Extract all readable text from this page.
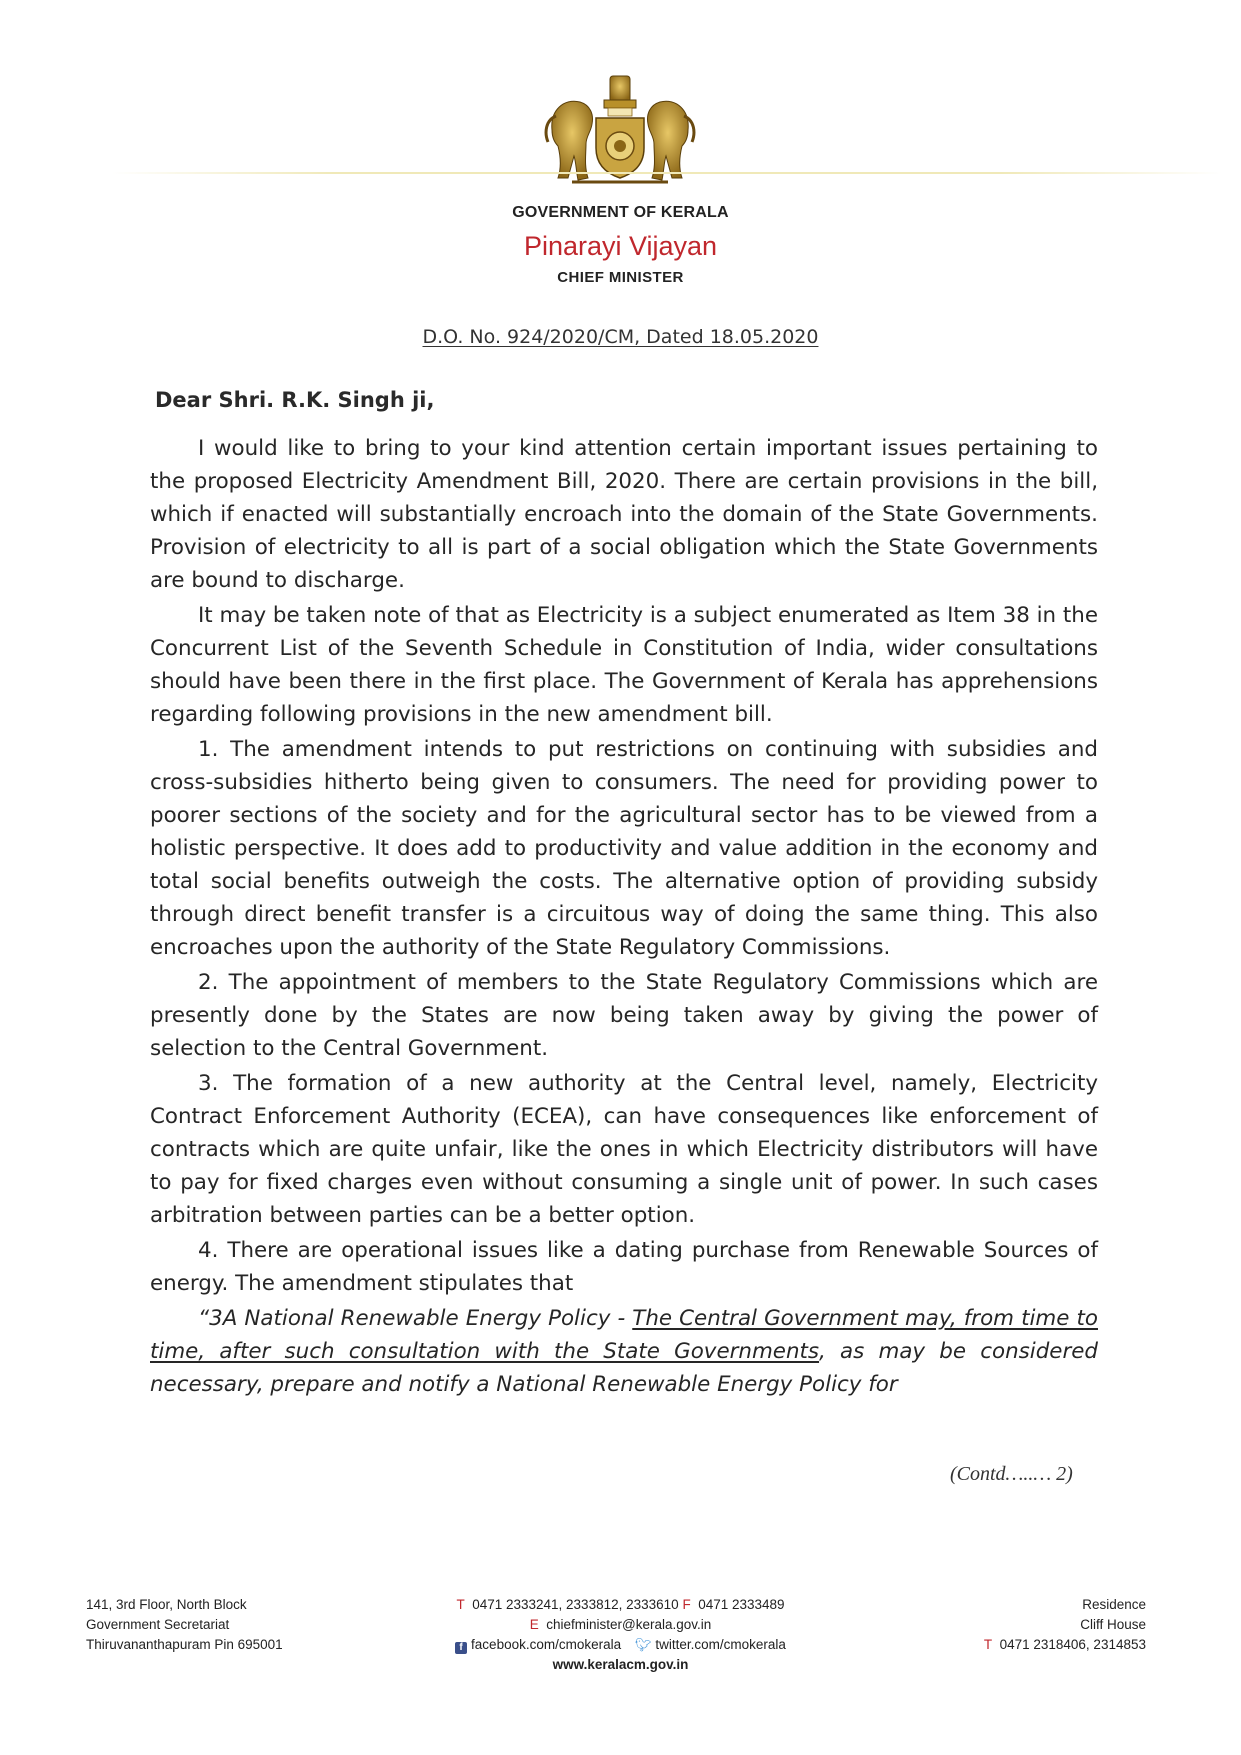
GOVERNMENT OF KERALA
Pinarayi Vijayan
CHIEF MINISTER
D.O. No. 924/2020/CM, Dated 18.05.2020
Dear Shri. R.K. Singh ji,

I would like to bring to your kind attention certain important issues pertaining to the proposed Electricity Amendment Bill, 2020. There are certain provisions in the bill, which if enacted will substantially encroach into the domain of the State Governments. Provision of electricity to all is part of a social obligation which the State Governments are bound to discharge.

It may be taken note of that as Electricity is a subject enumerated as Item 38 in the Concurrent List of the Seventh Schedule in Constitution of India, wider consultations should have been there in the first place. The Government of Kerala has apprehensions regarding following provisions in the new amendment bill.

1. The amendment intends to put restrictions on continuing with subsidies and cross-subsidies hitherto being given to consumers. The need for providing power to poorer sections of the society and for the agricultural sector has to be viewed from a holistic perspective. It does add to productivity and value addition in the economy and total social benefits outweigh the costs. The alternative option of providing subsidy through direct benefit transfer is a circuitous way of doing the same thing. This also encroaches upon the authority of the State Regulatory Commissions.

2. The appointment of members to the State Regulatory Commissions which are presently done by the States are now being taken away by giving the power of selection to the Central Government.

3. The formation of a new authority at the Central level, namely, Electricity Contract Enforcement Authority (ECEA), can have consequences like enforcement of contracts which are quite unfair, like the ones in which Electricity distributors will have to pay for fixed charges even without consuming a single unit of power. In such cases arbitration between parties can be a better option.

4. There are operational issues like a dating purchase from Renewable Sources of energy. The amendment stipulates that

“3A National Renewable Energy Policy - The Central Government may, from time to time, after such consultation with the State Governments, as may be considered necessary, prepare and notify a National Renewable Energy Policy for

(Contd…..… 2)
141, 3rd Floor, North Block
Government Secretariat
Thiruvananthapuram Pin 695001
T 0471 2333241, 2333812, 2333610 F 0471 2333489
E chiefminister@kerala.gov.in
f facebook.com/cmokerala 🐦︎ twitter.com/cmokerala
www.keralacm.gov.in
Residence
Cliff House
T 0471 2318406, 2314853
